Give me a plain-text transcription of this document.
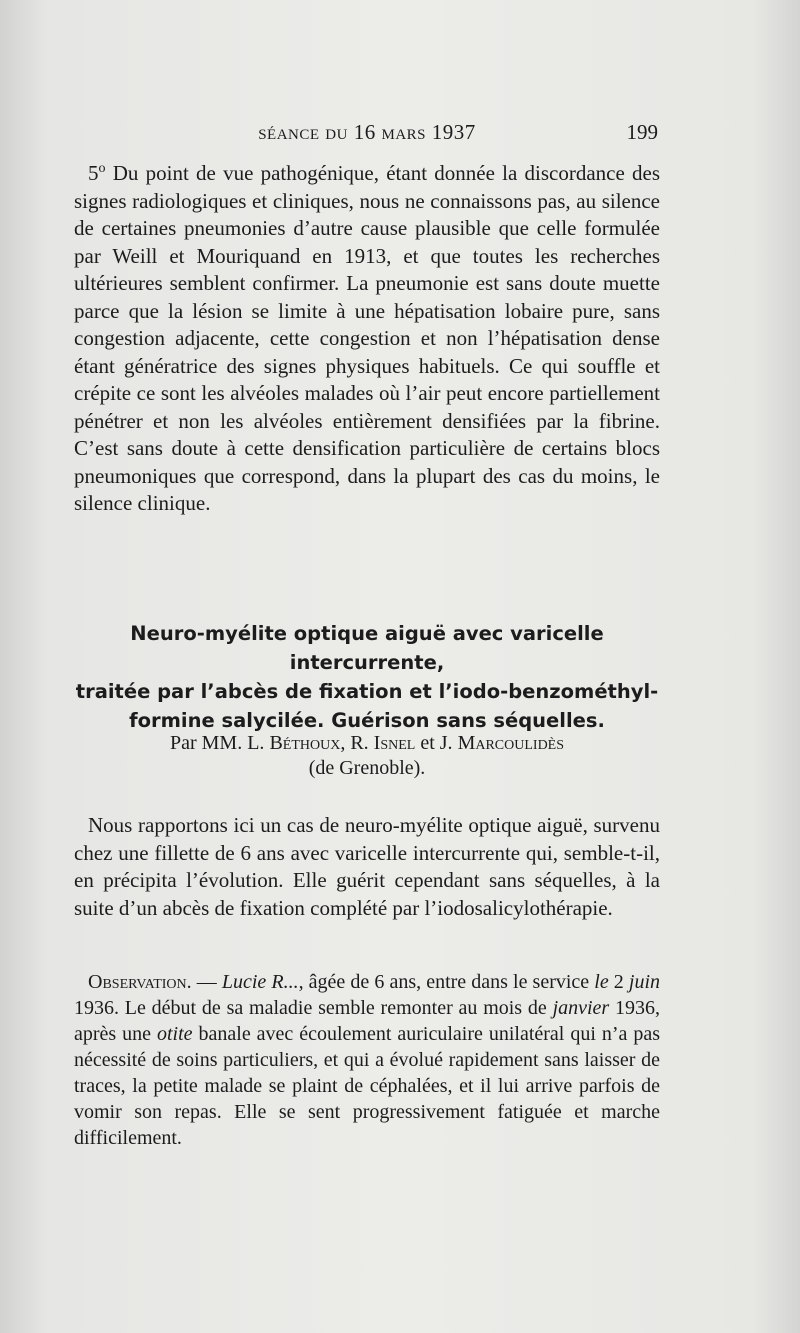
séance du 16 mars 1937	199

5$^o$ Du point de vue pathogénique, étant donnée la discordance des signes radiologiques et cliniques, nous ne connaissons pas, au silence de certaines pneumonies d’autre cause plausible que celle formulée par Weill et Mouriquand en 1913, et que toutes les recherches ultérieures semblent confirmer. La pneumonie est sans doute muette parce que la lésion se limite à une hépatisation lobaire pure, sans congestion adjacente, cette congestion et non l’hépatisation dense étant génératrice des signes physiques habituels. Ce qui souffle et crépite ce sont les alvéoles malades où l’air peut encore partiellement pénétrer et non les alvéoles entièrement densifiées par la fibrine. C’est sans doute à cette densification particulière de certains blocs pneumoniques que correspond, dans la plupart des cas du moins, le silence clinique.

Neuro-myélite optique aiguë avec varicelle intercurrente,

traitée par l’abcès de fixation et l’iodo-benzométhyl-

formine salycilée. Guérison sans séquelles.

Par MM. L. Béthoux, R. Isnel et J. Marcoulidès

(de Grenoble).

Nous rapportons ici un cas de neuro-myélite optique aiguë, survenu chez une fillette de 6 ans avec varicelle intercurrente qui, semble-t-il, en précipita l’évolution. Elle guérit cependant sans séquelles, à la suite d’un abcès de fixation complété par l’iodosalicylothérapie.

Observation. — Lucie R..., âgée de 6 ans, entre dans le service le 2 juin 1936. Le début de sa maladie semble remonter au mois de janvier 1936, après une otite banale avec écoulement auriculaire unilatéral qui n’a pas nécessité de soins particuliers, et qui a évolué rapidement sans laisser de traces, la petite malade se plaint de céphalées, et il lui arrive parfois de vomir son repas. Elle se sent progressivement fatiguée et marche difficilement.
